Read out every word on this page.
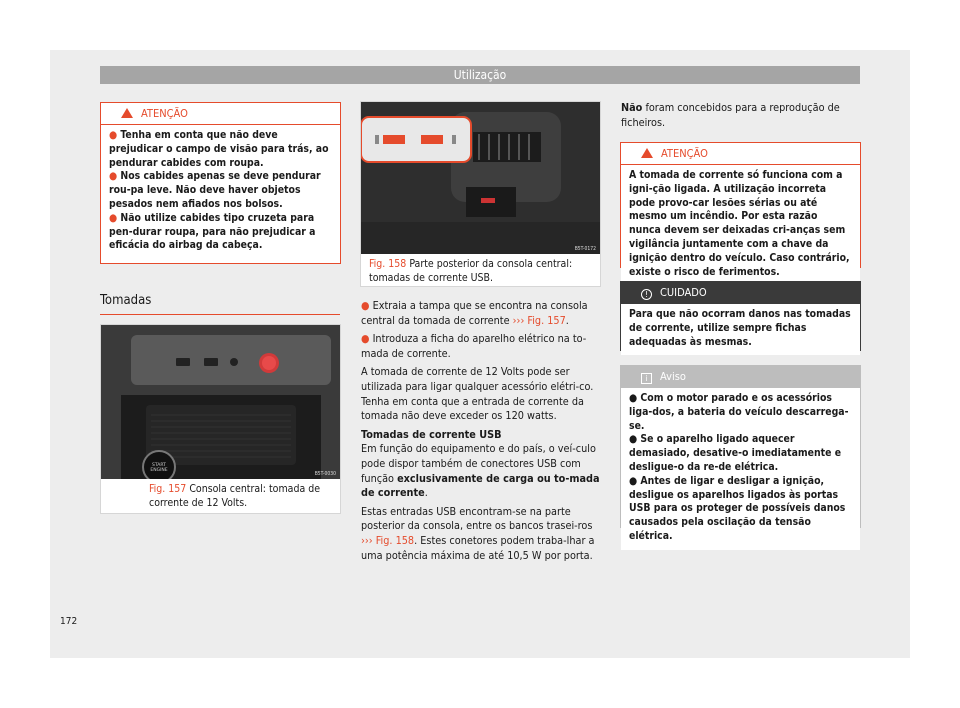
Utilização
ATENÇÃO
● Tenha em conta que não deve prejudicar o campo de visão para trás, ao pendurar cabides com roupa.
● Nos cabides apenas se deve pendurar rou-pa leve. Não deve haver objetos pesados nem afiados nos bolsos.
● Não utilize cabides tipo cruzeta para pen-durar roupa, para não prejudicar a eficácia do airbag da cabeça.
Tomadas
START
ENGINE
B5T-0030
Fig. 157 Consola central: tomada de corrente de 12 Volts.
B5T-0172
Fig. 158 Parte posterior da consola central: tomadas de corrente USB.

● Extraia a tampa que se encontra na consola central da tomada de corrente ››› Fig. 157.

● Introduza a ficha do aparelho elétrico na to-mada de corrente.

A tomada de corrente de 12 Volts pode ser utilizada para ligar qualquer acessório elétri-co. Tenha em conta que a entrada de corrente da tomada não deve exceder os 120 watts.

Tomadas de corrente USB

Em função do equipamento e do país, o veí-culo pode dispor também de conectores USB com função exclusivamente de carga ou to-mada de corrente.

Estas entradas USB encontram-se na parte posterior da consola, entre os bancos trasei-ros ››› Fig. 158. Estes conetores podem traba-lhar a uma potência máxima de até 10,5 W por porta.

Não foram concebidos para a reprodução de ficheiros.

ATENÇÃO
A tomada de corrente só funciona com a igni-ção ligada. A utilização incorreta pode provo-car lesões sérias ou até mesmo um incêndio. Por esta razão nunca devem ser deixadas cri-anças sem vigilância juntamente com a chave da ignição dentro do veículo. Caso contrário, existe o risco de ferimentos.
! CUIDADO
Para que não ocorram danos nas tomadas de corrente, utilize sempre fichas adequadas às mesmas.
i Aviso
● Com o motor parado e os acessórios liga-dos, a bateria do veículo descarrega-se.
● Se o aparelho ligado aquecer demasiado, desative-o imediatamente e desligue-o da re-de elétrica.
● Antes de ligar e desligar a ignição, desligue os aparelhos ligados às portas USB para os proteger de possíveis danos causados pela oscilação da tensão elétrica.
172
